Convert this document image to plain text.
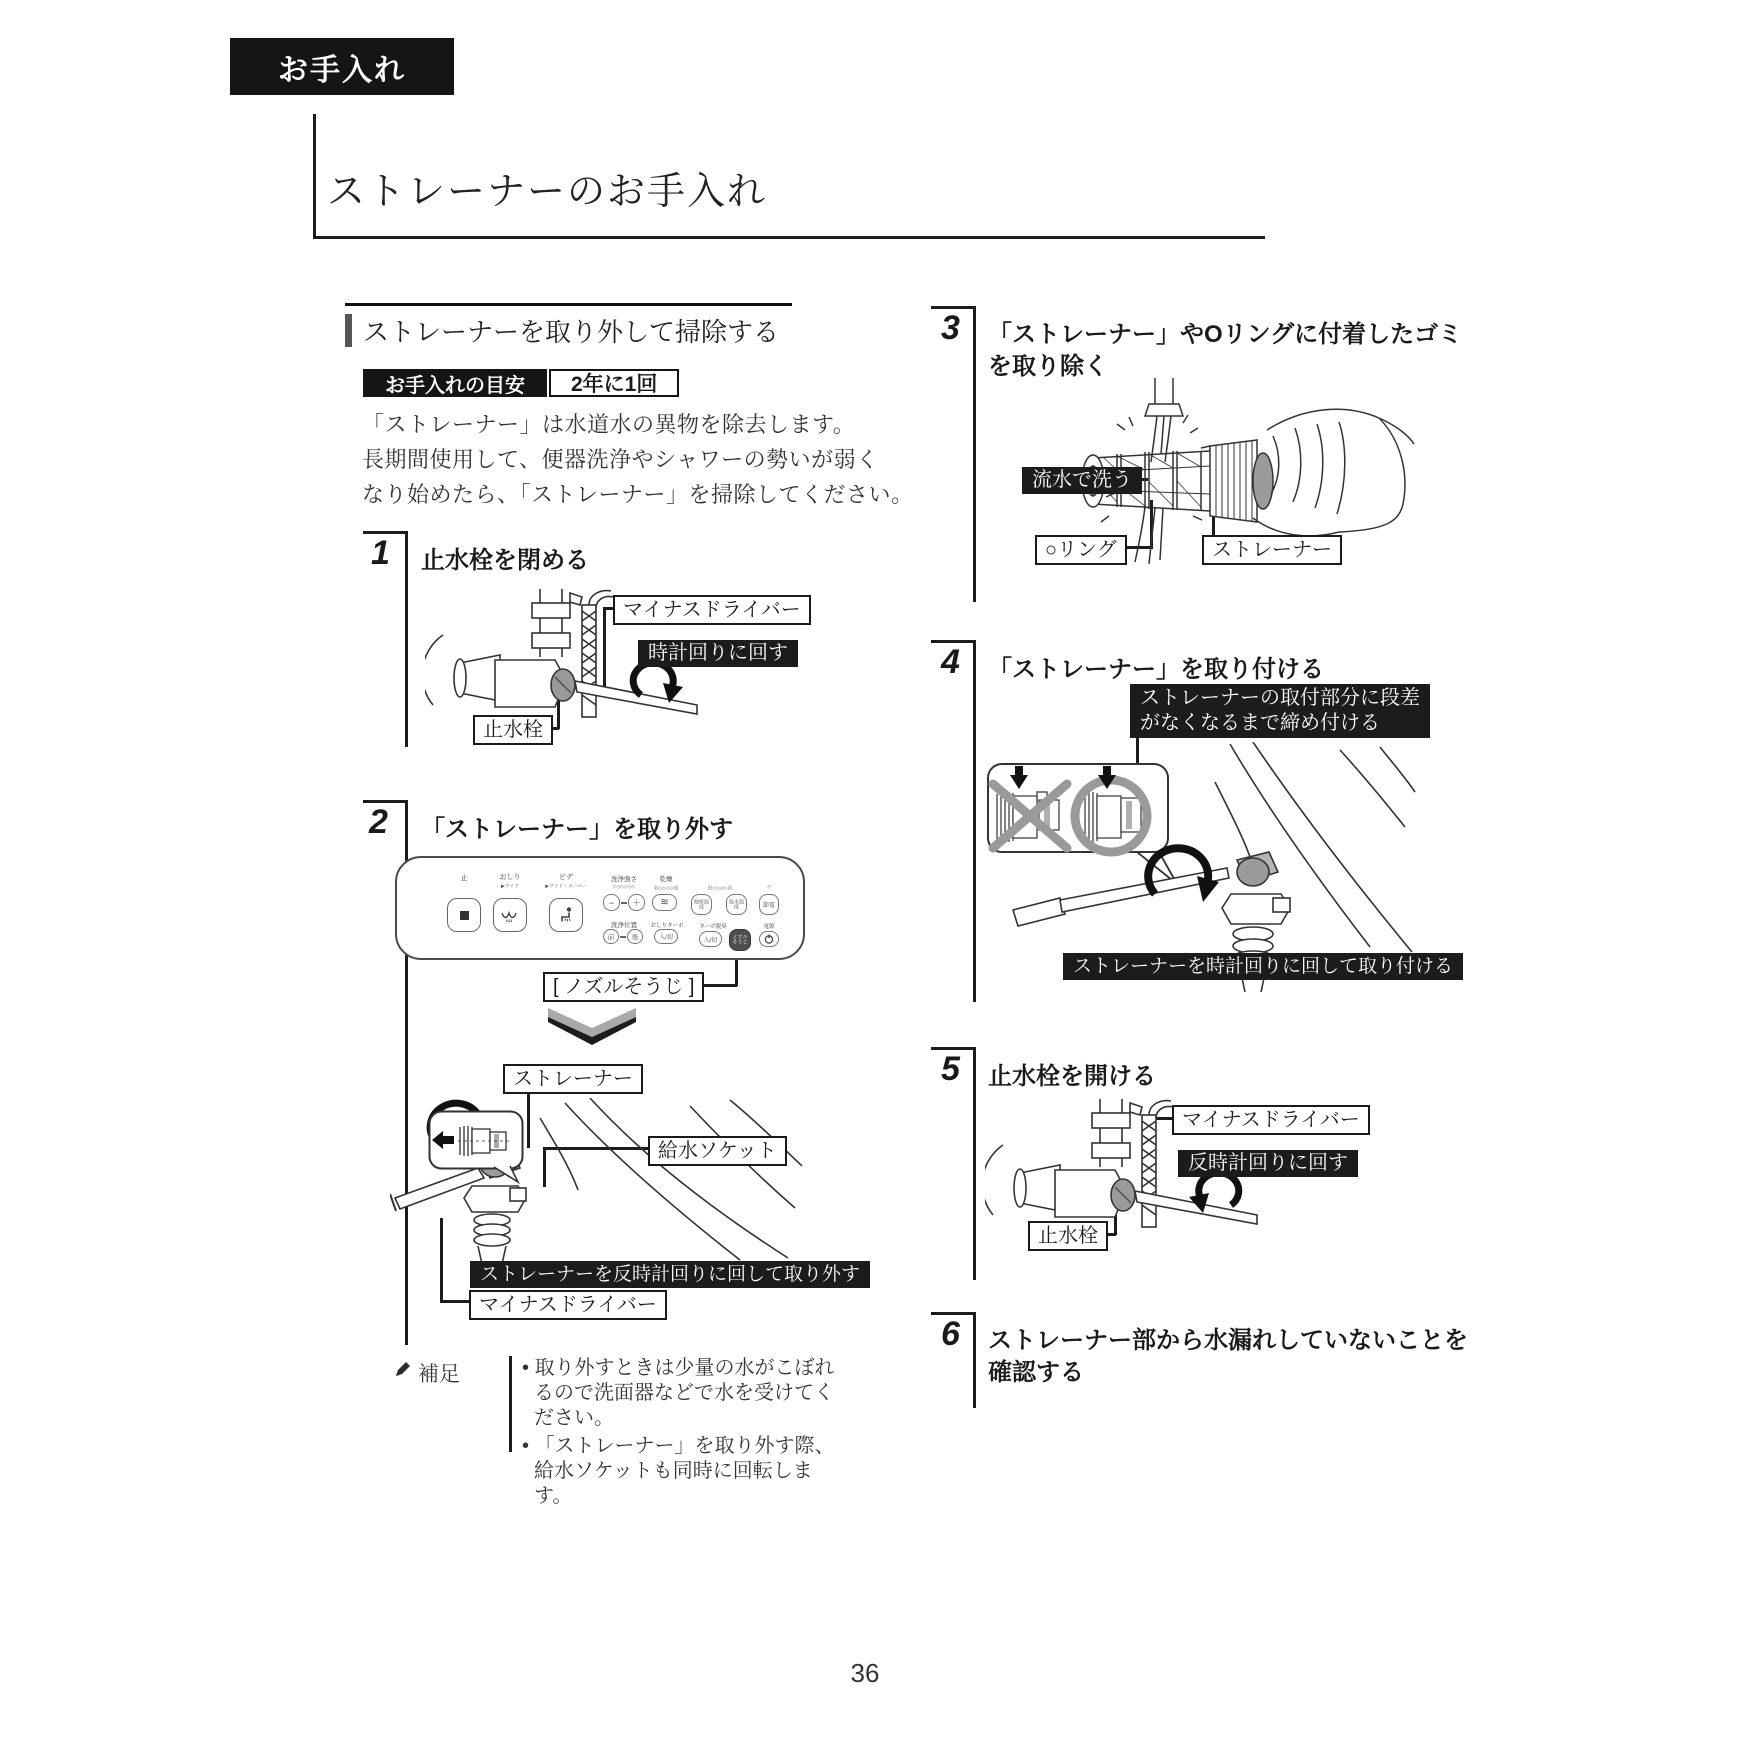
お手入れ
ストレーナーのお手入れ
ストレーナーを取り外して掃除する
お手入れの目安	2年に1回
「ストレーナー」は水道水の異物を除去します。
長期間使用して、便器洗浄やシャワーの勢いが弱く
なり始めたら、「ストレーナー」を掃除してください。
1 止水栓を閉める
マイナスドライバー
時計回りに回す
止水栓
2 「ストレーナー」を取り外す
止	おしり
▶ワイド
ビデ
▶ワイド・スーパー
洗浄強さ
◇◇◇◇◇◇
−	＋
乾燥
弱◇◇◇◇強
≋
洗浄位置
前	後
おしりターボ
入/切
低◇◇◇◇高
便座温度
温水温度
◇
節電
ターボ脱臭
入/切
ノズルそうじ
電源
[ ノズルそうじ ]
ストレーナー
給水ソケット
ストレーナーを反時計回りに回して取り外す
マイナスドライバー
補足	• 取り外すときは少量の水がこぼれるので洗面器などで水を受けてください。
• 「ストレーナー」を取り外す際、給水ソケットも同時に回転します。
3 「ストレーナー」やOリングに付着したゴミ
を取り除く
流水で洗う
○リング	ストレーナー
4 「ストレーナー」を取り付ける
ストレーナーの取付部分に段差
がなくなるまで締め付ける
ストレーナーを時計回りに回して取り付ける
5 止水栓を開ける
マイナスドライバー
反時計回りに回す
止水栓
6 ストレーナー部から水漏れしていないことを
確認する
36
